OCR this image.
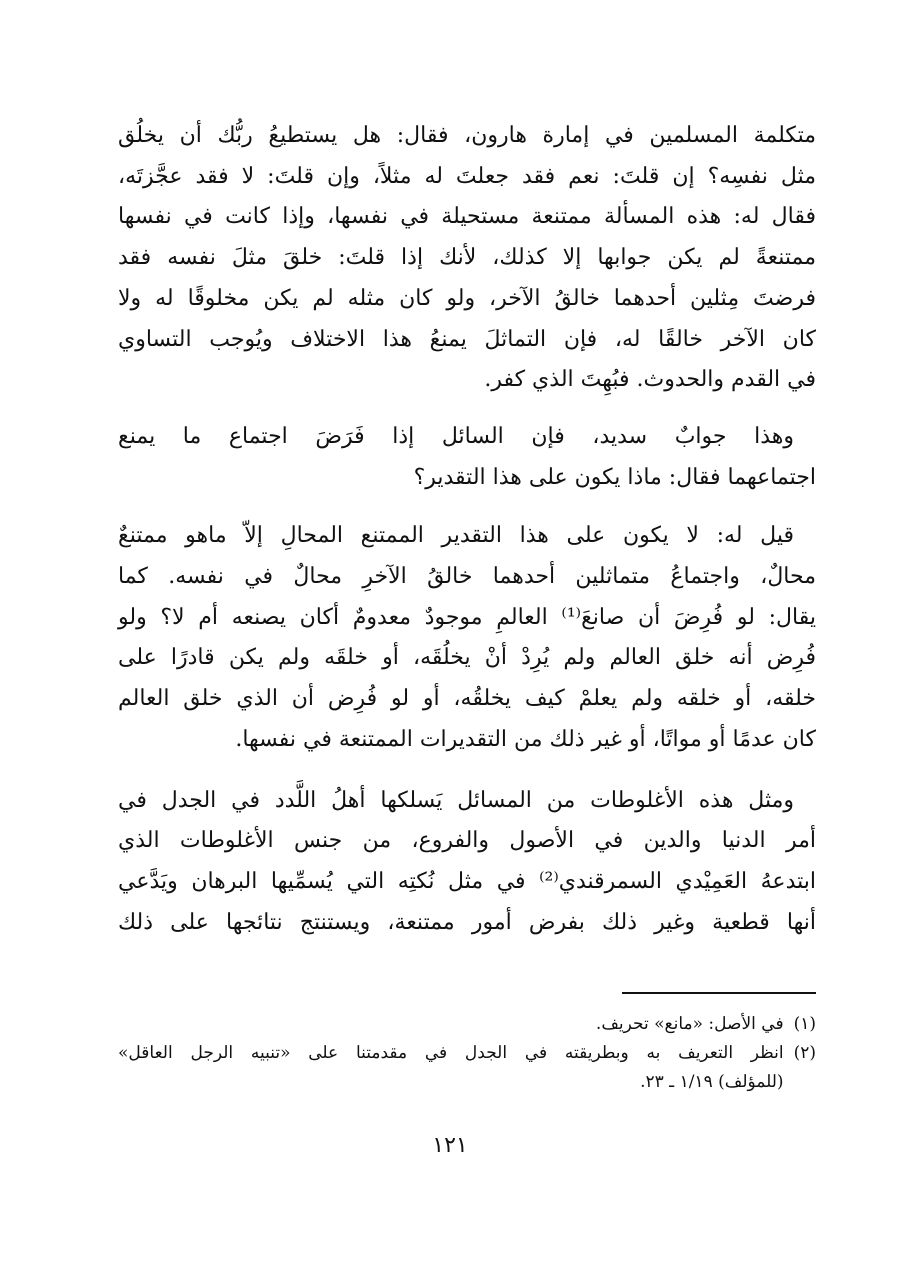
متكلمة المسلمين في إمارة هارون، فقال: هل يستطيعُ ربُّك أن يخلُق
مثل نفسِه؟ إن قلتَ: نعم فقد جعلتَ له مثلاً، وإن قلتَ: لا فقد عجَّزتَه،
فقال له: هذه المسألة ممتنعة مستحيلة في نفسها، وإذا كانت في نفسها
ممتنعةً لم يكن جوابها إلا كذلك، لأنك إذا قلتَ: خلقَ مثلَ نفسه فقد
فرضتَ مِثلين أحدهما خالقُ الآخر، ولو كان مثله لم يكن مخلوقًا له ولا
كان الآخر خالقًا له، فإن التماثلَ يمنعُ هذا الاختلاف ويُوجب التساوي
في القدم والحدوث. فبُهِتَ الذي كفر.

وهذا جوابٌ سديد، فإن السائل إذا فَرَضَ اجتماع ما يمنع
اجتماعهما فقال: ماذا يكون على هذا التقدير؟

قيل له: لا يكون على هذا التقدير الممتنع المحالِ إلاّ ماهو ممتنعٌ
محالٌ، واجتماعُ متماثلين أحدهما خالقُ الآخرِ محالٌ في نفسه. كما
يقال: لو فُرِضَ أن صانعَ⁽¹⁾ العالمِ موجودٌ معدومٌ أكان يصنعه أم لا؟ ولو
فُرِض أنه خلق العالم ولم يُرِدْ أنْ يخلُقَه، أو خلقَه ولم يكن قادرًا على
خلقه، أو خلقه ولم يعلمْ كيف يخلقُه، أو لو فُرِض أن الذي خلق العالم
كان عدمًا أو مواتًا، أو غير ذلك من التقديرات الممتنعة في نفسها.

ومثل هذه الأغلوطات من المسائل يَسلكها أهلُ اللَّدد في الجدل في
أمر الدنيا والدين في الأصول والفروع، من جنس الأغلوطات الذي
ابتدعهُ العَمِيْدي السمرقندي⁽²⁾ في مثل نُكتِه التي يُسمِّيها البرهان ويَدَّعي
أنها قطعية وغير ذلك بفرض أمور ممتنعة، ويستنتج نتائجها على ذلك

(١)
في الأصل: «مانع» تحريف.
(٢)
انظر التعريف به وبطريقته في الجدل في مقدمتنا على «تنبيه الرجل العاقل»
(للمؤلف) ١/١٩ ـ ٢٣.
١٢١
